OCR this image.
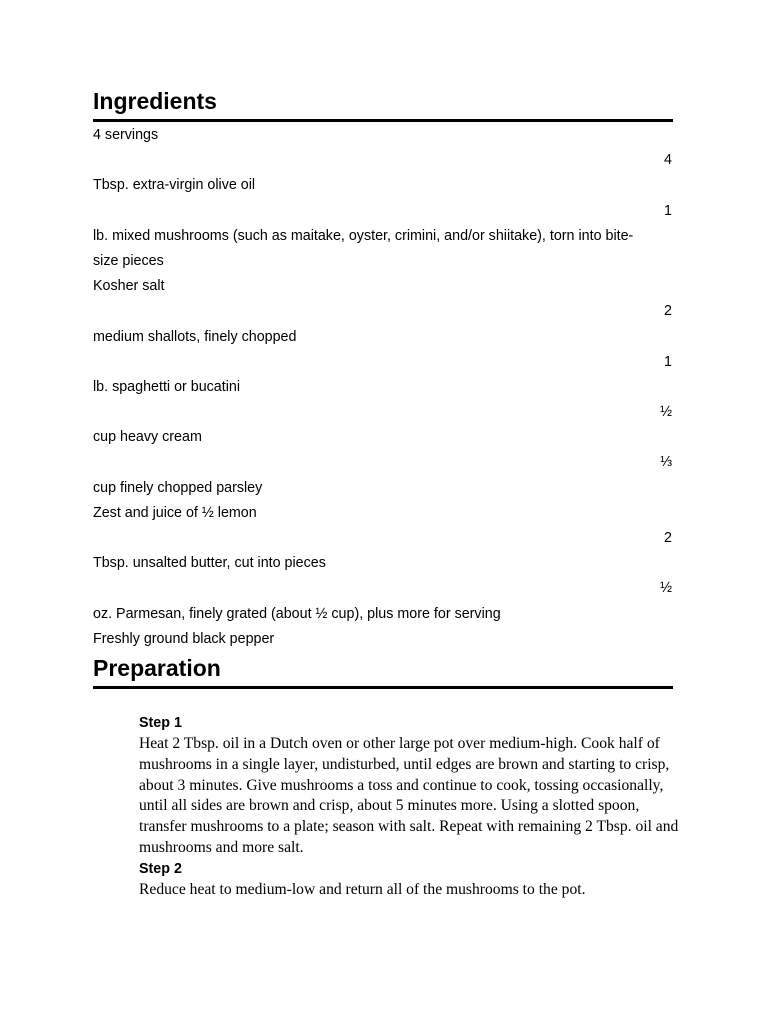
Ingredients
4 servings
4
Tbsp. extra-virgin olive oil
1
lb. mixed mushrooms (such as maitake, oyster, crimini, and/or shiitake), torn into bite-size pieces
Kosher salt
2
medium shallots, finely chopped
1
lb. spaghetti or bucatini
½
cup heavy cream
⅓
cup finely chopped parsley
Zest and juice of ½ lemon
2
Tbsp. unsalted butter, cut into pieces
½
oz. Parmesan, finely grated (about ½ cup), plus more for serving
Freshly ground black pepper
Preparation
Step 1

Heat 2 Tbsp. oil in a Dutch oven or other large pot over medium-high. Cook half of mushrooms in a single layer, undisturbed, until edges are brown and starting to crisp, about 3 minutes. Give mushrooms a toss and continue to cook, tossing occasionally, until all sides are brown and crisp, about 5 minutes more. Using a slotted spoon, transfer mushrooms to a plate; season with salt. Repeat with remaining 2 Tbsp. oil and mushrooms and more salt.

Step 2

Reduce heat to medium-low and return all of the mushrooms to the pot.
